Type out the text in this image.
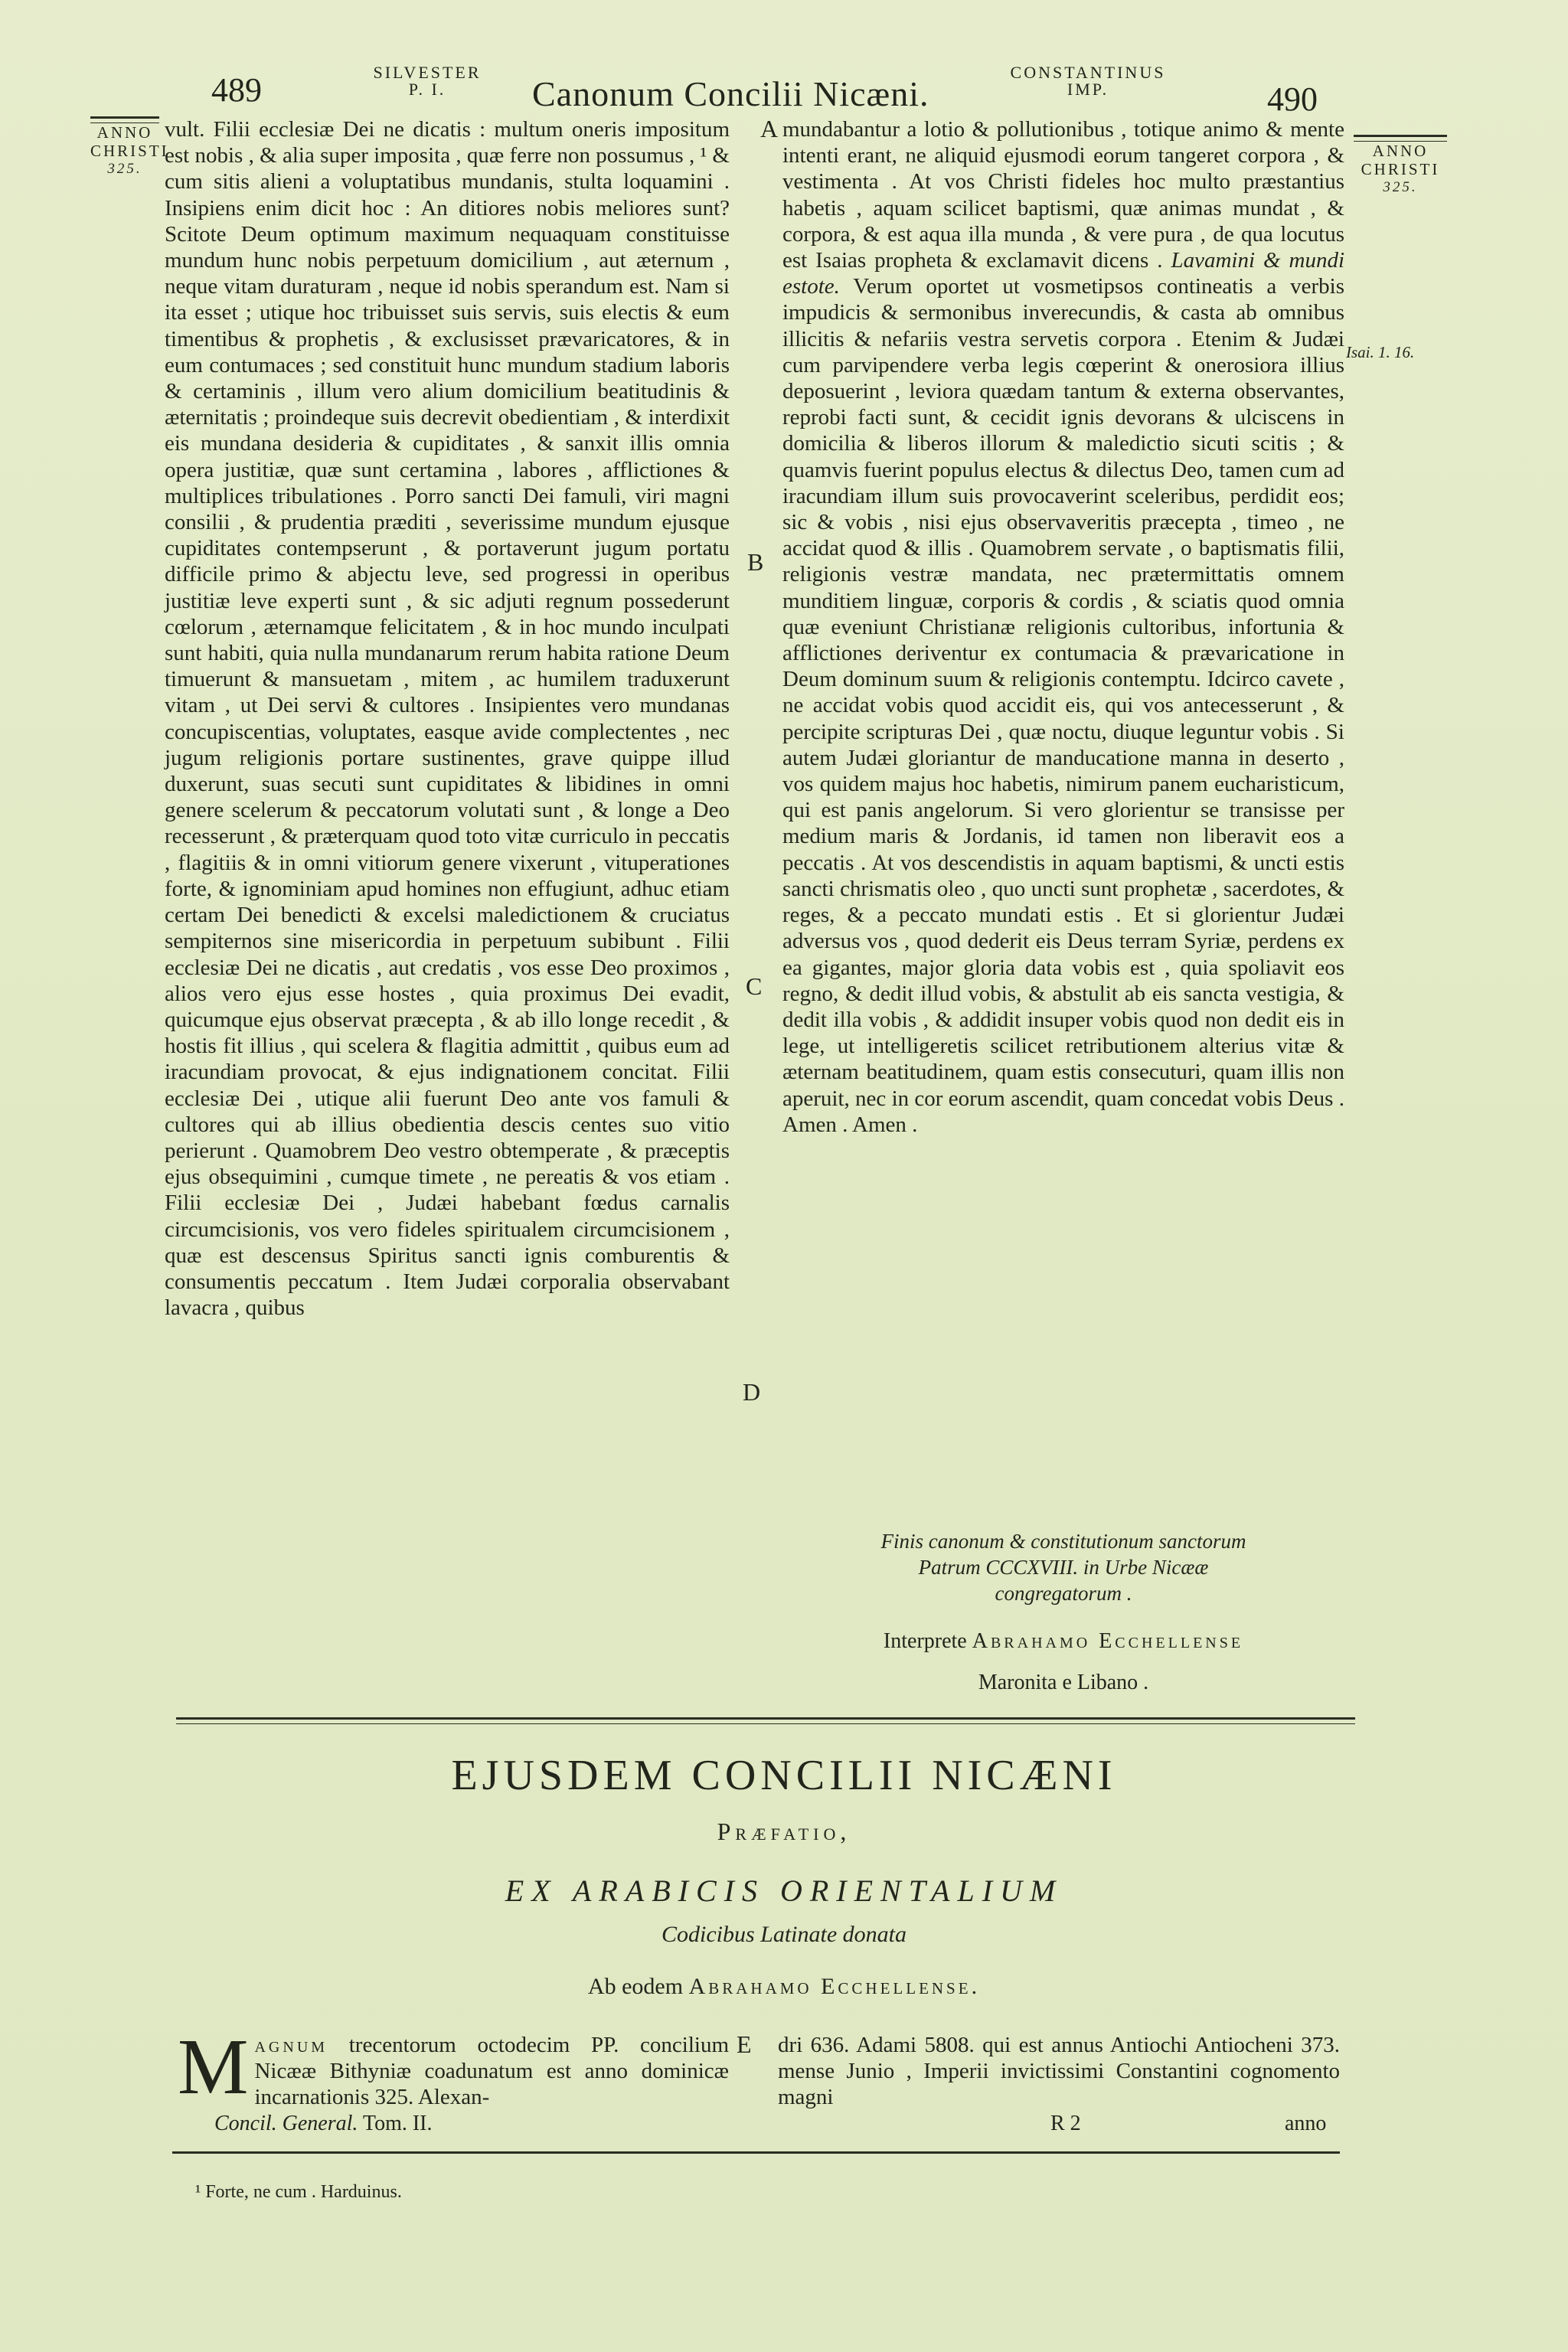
489	SILVESTER
P. I.	Canonum Concilii Nicæni.
CONSTANTINUS
IMP.	490
ANNO
CHRISTI
325.
ANNO
CHRISTI
325.
Isai. 1. 16.
A
B
C
D

vult. Filii ecclesiæ Dei ne dicatis : multum oneris impositum est nobis , & alia super imposita , quæ ferre non possumus , ¹ & cum sitis alieni a voluptatibus mundanis, stulta loquamini . Insipiens enim dicit hoc : An ditiores nobis meliores sunt? Scitote Deum optimum maximum nequaquam constituisse mundum hunc nobis perpetuum domicilium , aut æternum , neque vitam duraturam , neque id nobis sperandum est. Nam si ita esset ; utique hoc tribuisset suis servis, suis electis & eum timentibus & prophetis , & exclusisset prævaricatores, & in eum contumaces ; sed constituit hunc mundum stadium laboris & certaminis , illum vero alium domicilium beatitudinis & æternitatis ; proindeque suis decrevit obedientiam , & interdixit eis mundana desideria & cupiditates , & sanxit illis omnia opera justitiæ, quæ sunt certamina , labores , afflictiones & multiplices tribulationes . Porro sancti Dei famuli, viri magni consilii , & prudentia præditi , severissime mundum ejusque cupiditates contempserunt , & portaverunt jugum portatu difficile primo & abjectu leve, sed progressi in operibus justitiæ leve experti sunt , & sic adjuti regnum possederunt cœlorum , æternamque felicitatem , & in hoc mundo inculpati sunt habiti, quia nulla mundanarum rerum habita ratione Deum timuerunt & mansuetam , mitem , ac humilem traduxerunt vitam , ut Dei servi & cultores . Insipientes vero mundanas concupiscentias, voluptates, easque avide complectentes , nec jugum religionis portare sustinentes, grave quippe illud duxerunt, suas secuti sunt cupiditates & libidines in omni genere scelerum & peccatorum volutati sunt , & longe a Deo recesserunt , & præterquam quod toto vitæ curriculo in peccatis , flagitiis & in omni vitiorum genere vixerunt , vituperationes forte, & ignominiam apud homines non effugiunt, adhuc etiam certam Dei benedicti & excelsi maledictionem & cruciatus sempiternos sine misericordia in perpetuum subibunt . Filii ecclesiæ Dei ne dicatis , aut credatis , vos esse Deo proximos , alios vero ejus esse hostes , quia proximus Dei evadit, quicumque ejus observat præcepta , & ab illo longe recedit , & hostis fit illius , qui scelera & flagitia admittit , quibus eum ad iracundiam provocat, & ejus indignationem concitat. Filii ecclesiæ Dei , utique alii fuerunt Deo ante vos famuli & cultores qui ab illius obedientia descis centes suo vitio perierunt . Quamobrem Deo vestro obtemperate , & præceptis ejus obsequimini , cumque timete , ne pereatis & vos etiam . Filii ecclesiæ Dei , Judæi habebant fœdus carnalis circumcisionis, vos vero fideles spiritualem circumcisionem , quæ est descensus Spiritus sancti ignis comburentis & consumentis peccatum . Item Judæi corporalia observabant lavacra , quibus

mundabantur a lotio & pollutionibus , totique animo & mente intenti erant, ne aliquid ejusmodi eorum tangeret corpora , & vestimenta . At vos Christi fideles hoc multo præstantius habetis , aquam scilicet baptismi, quæ animas mundat , & corpora, & est aqua illa munda , & vere pura , de qua locutus est Isaias propheta & exclamavit dicens . Lavamini & mundi estote. Verum oportet ut vosmetipsos contineatis a verbis impudicis & sermonibus inverecundis, & casta ab omnibus illicitis & nefariis vestra servetis corpora . Etenim & Judæi cum parvipendere verba legis cœperint & onerosiora illius deposuerint , leviora quædam tantum & externa observantes, reprobi facti sunt, & cecidit ignis devorans & ulciscens in domicilia & liberos illorum & maledictio sicuti scitis ; & quamvis fuerint populus electus & dilectus Deo, tamen cum ad iracundiam illum suis provocaverint sceleribus, perdidit eos; sic & vobis , nisi ejus observaveritis præcepta , timeo , ne accidat quod & illis . Quamobrem servate , o baptismatis filii, religionis vestræ mandata, nec prætermittatis omnem munditiem linguæ, corporis & cordis , & sciatis quod omnia quæ eveniunt Christianæ religionis cultoribus, infortunia & afflictiones deriventur ex contumacia & prævaricatione in Deum dominum suum & religionis contemptu. Idcirco cavete , ne accidat vobis quod accidit eis, qui vos antecesserunt , & percipite scripturas Dei , quæ noctu, diuque leguntur vobis . Si autem Judæi gloriantur de manducatione manna in deserto , vos quidem majus hoc habetis, nimirum panem eucharisticum, qui est panis angelorum. Si vero glorientur se transisse per medium maris & Jordanis, id tamen non liberavit eos a peccatis . At vos descendistis in aquam baptismi, & uncti estis sancti chrismatis oleo , quo uncti sunt prophetæ , sacerdotes, & reges, & a peccato mundati estis . Et si glorientur Judæi adversus vos , quod dederit eis Deus terram Syriæ, perdens ex ea gigantes, major gloria data vobis est , quia spoliavit eos regno, & dedit illud vobis, & abstulit ab eis sancta vestigia, & dedit illa vobis , & addidit insuper vobis quod non dedit eis in lege, ut intelligeretis scilicet retributionem alterius vitæ & æternam beatitudinem, quam estis consecuturi, quam illis non aperuit, nec in cor eorum ascendit, quam concedat vobis Deus . Amen . Amen .

Finis canonum & constitutionum sanctorum
Patrum CCCXVIII. in Urbe Nicææ
congregatorum .
Interprete Abrahamo Ecchellense
Maronita e Libano .
EJUSDEM CONCILII NICÆNI
Præfatio,
EX ARABICIS ORIENTALIUM
Codicibus Latinate donata
Ab eodem Abrahamo Ecchellense.
Magnum trecentorum octodecim PP. concilium Nicææ Bithyniæ coadunatum est anno dominicæ incarnationis 325. Alexan-
E dri 636. Adami 5808. qui est annus Antiochi Antiocheni 373. mense Junio , Imperii invictissimi Constantini cognomento magni
Concil. General. Tom. II.	R 2	anno
¹ Forte, ne cum . Harduinus.
